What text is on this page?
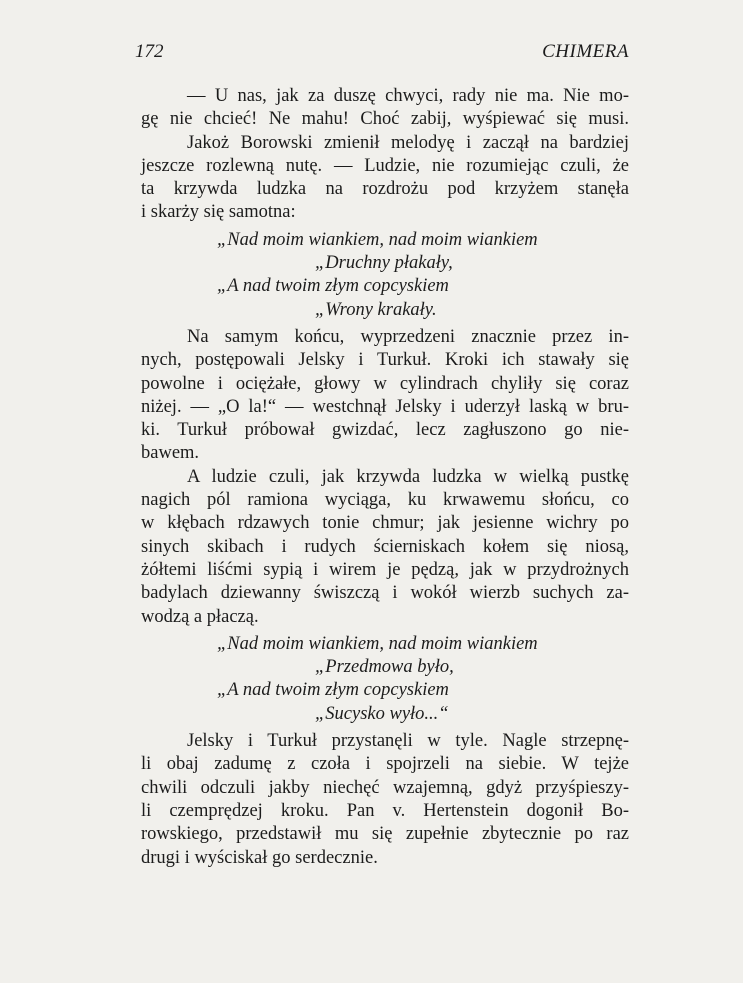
172	CHIMERA
— U nas, jak za duszę chwyci, rady nie ma. Nie mo-
gę nie chcieć! Ne mahu! Choć zabij, wyśpiewać się musi.
Jakoż Borowski zmienił melodyę i zaczął na bardziej
jeszcze rozlewną nutę. — Ludzie, nie rozumiejąc czuli, że
ta krzywda ludzka na rozdrożu pod krzyżem stanęła
i skarży się samotna:
„Nad moim wiankiem, nad moim wiankiem
„Druchny płakały,
„A nad twoim złym copcyskiem
„Wrony krakały.
Na samym końcu, wyprzedzeni znacznie przez in-
nych, postępowali Jelsky i Turkuł. Kroki ich stawały się
powolne i ociężałe, głowy w cylindrach chyliły się coraz
niżej. — „O la!“ — westchnął Jelsky i uderzył laską w bru-
ki. Turkuł próbował gwizdać, lecz zagłuszono go nie-
bawem.
A ludzie czuli, jak krzywda ludzka w wielką pustkę
nagich pól ramiona wyciąga, ku krwawemu słońcu, co
w kłębach rdzawych tonie chmur; jak jesienne wichry po
sinych skibach i rudych ścierniskach kołem się niosą,
żółtemi liśćmi sypią i wirem je pędzą, jak w przydrożnych
badylach dziewanny świszczą i wokół wierzb suchych za-
wodzą a płaczą.
„Nad moim wiankiem, nad moim wiankiem
„Przedmowa było,
„A nad twoim złym copcyskiem
„Sucysko wyło...“
Jelsky i Turkuł przystanęli w tyle. Nagle strzepnę-
li obaj zadumę z czoła i spojrzeli na siebie. W tejże
chwili odczuli jakby niechęć wzajemną, gdyż przyśpieszy-
li czemprędzej kroku. Pan v. Hertenstein dogonił Bo-
rowskiego, przedstawił mu się zupełnie zbytecznie po raz
drugi i wyściskał go serdecznie.
